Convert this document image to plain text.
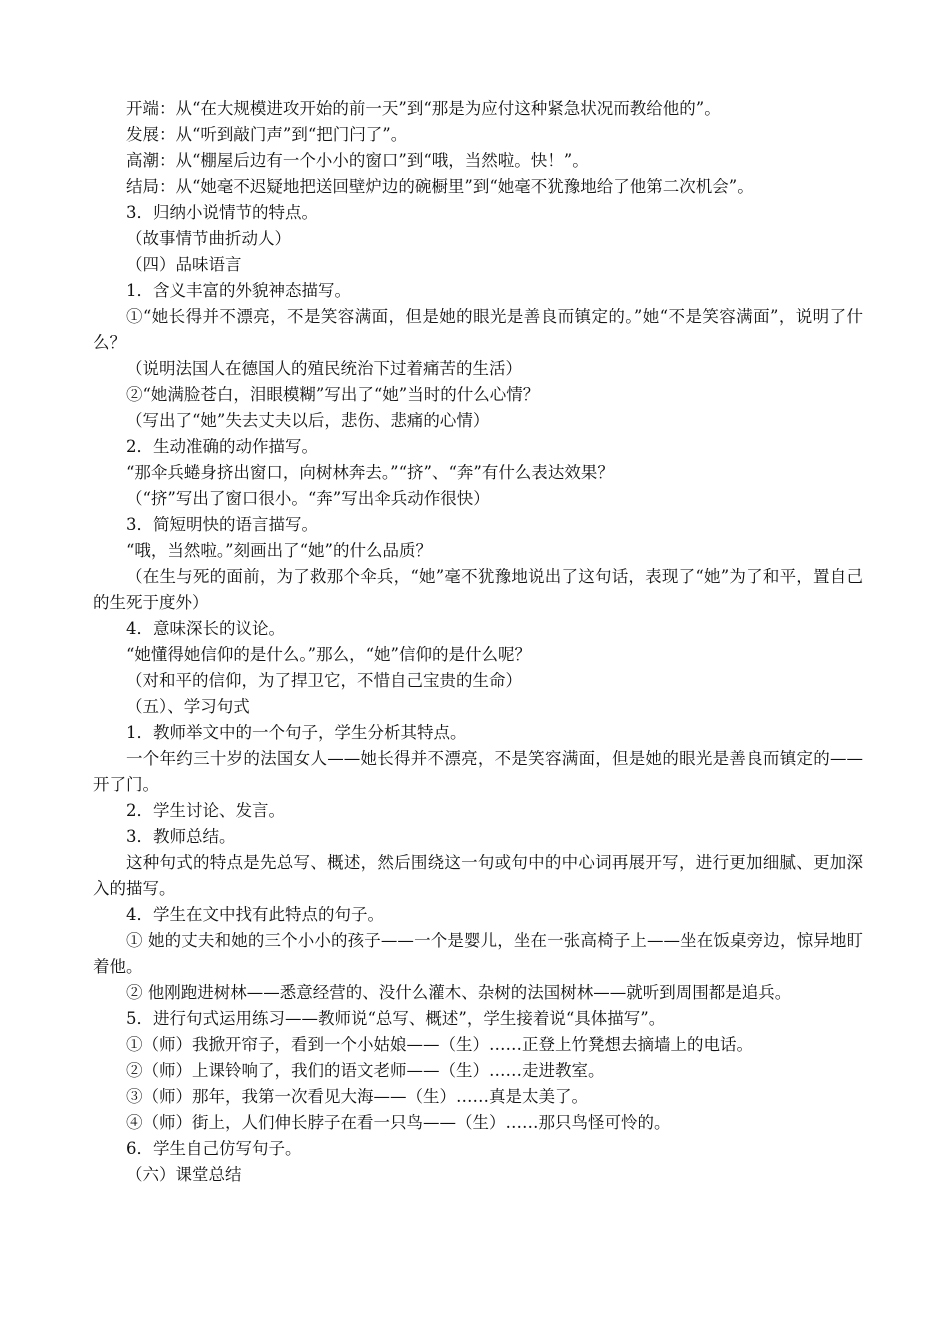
开端：从“在大规模进攻开始的前一天”到“那是为应付这种紧急状况而教给他的”。

发展：从“听到敲门声”到“把门闩了”。

高潮：从“棚屋后边有一个小小的窗口”到“哦，当然啦。快！”。

结局：从“她毫不迟疑地把送回壁炉边的碗橱里”到“她毫不犹豫地给了他第二次机会”。

3．归纳小说情节的特点。

（故事情节曲折动人）

（四）品味语言

1．含义丰富的外貌神态描写。

①“她长得并不漂亮，不是笑容满面，但是她的眼光是善良而镇定的。”她“不是笑容满面”，说明了什么？

（说明法国人在德国人的殖民统治下过着痛苦的生活）

②“她满脸苍白，泪眼模糊”写出了“她”当时的什么心情？

（写出了“她”失去丈夫以后，悲伤、悲痛的心情）

2．生动准确的动作描写。

“那伞兵蜷身挤出窗口，向树林奔去。”“挤”、“奔”有什么表达效果？

（“挤”写出了窗口很小。“奔”写出伞兵动作很快）

3．简短明快的语言描写。

“哦，当然啦。”刻画出了“她”的什么品质？

（在生与死的面前，为了救那个伞兵，“她”毫不犹豫地说出了这句话，表现了“她”为了和平，置自己的生死于度外）

4．意味深长的议论。

“她懂得她信仰的是什么。”那么，“她”信仰的是什么呢？

（对和平的信仰，为了捍卫它，不惜自己宝贵的生命）

（五）、学习句式

1．教师举文中的一个句子，学生分析其特点。

一个年约三十岁的法国女人——她长得并不漂亮，不是笑容满面，但是她的眼光是善良而镇定的——开了门。

2．学生讨论、发言。

3．教师总结。

这种句式的特点是先总写、概述，然后围绕这一句或句中的中心词再展开写，进行更加细腻、更加深入的描写。

4．学生在文中找有此特点的句子。

① 她的丈夫和她的三个小小的孩子——一个是婴儿，坐在一张高椅子上——坐在饭桌旁边，惊异地盯着他。

② 他刚跑进树林——悉意经营的、没什么灌木、杂树的法国树林——就听到周围都是追兵。

5．进行句式运用练习——教师说“总写、概述”，学生接着说“具体描写”。

①（师）我掀开帘子，看到一个小姑娘——（生）……正登上竹凳想去摘墙上的电话。

②（师）上课铃响了，我们的语文老师——（生）……走进教室。

③（师）那年，我第一次看见大海——（生）……真是太美了。

④（师）街上，人们伸长脖子在看一只鸟——（生）……那只鸟怪可怜的。

6．学生自己仿写句子。

（六）课堂总结
